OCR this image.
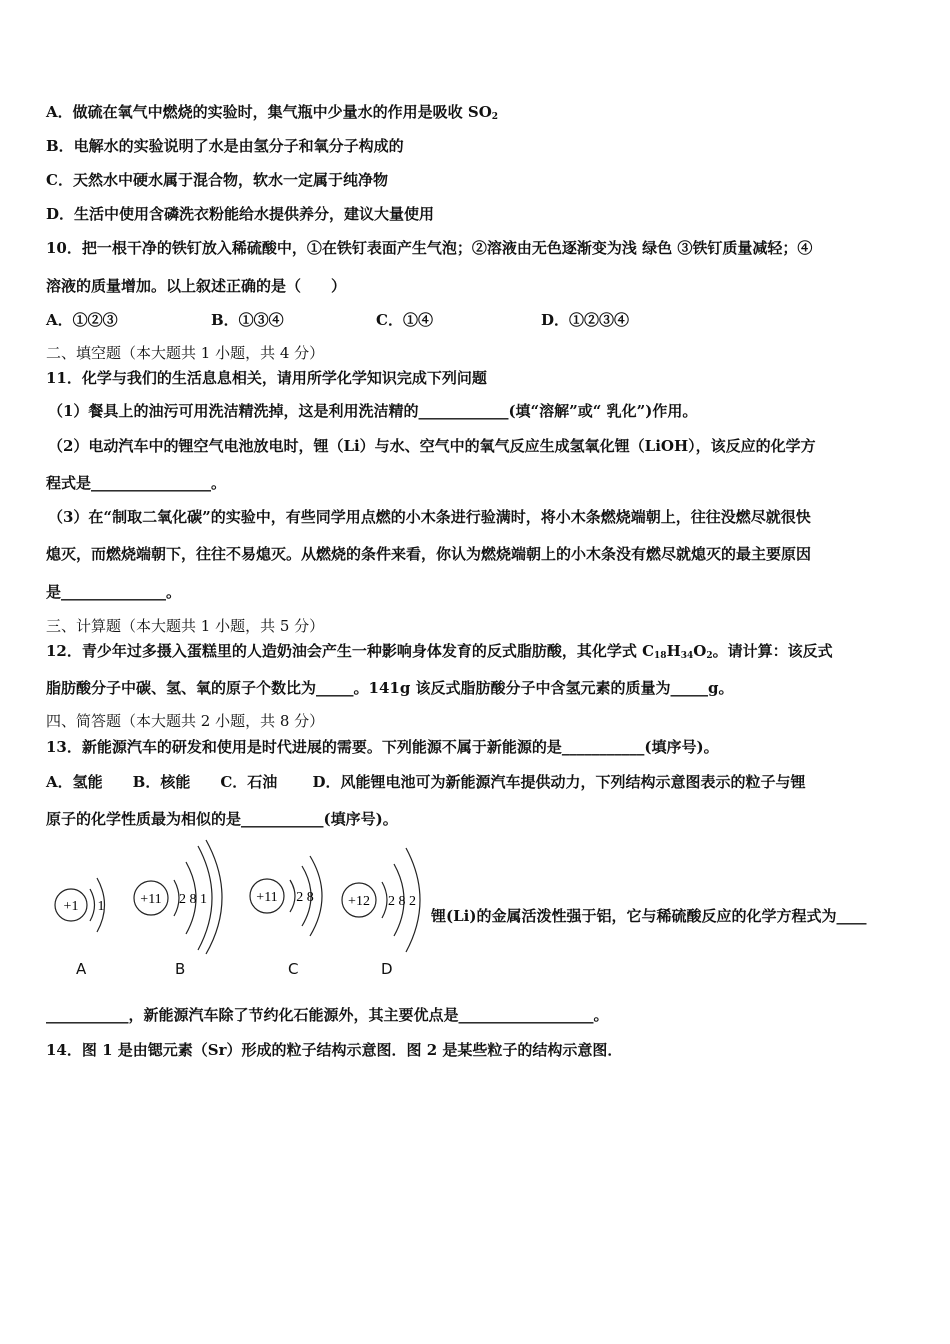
A．做硫在氧气中燃烧的实验时，集气瓶中少量水的作用是吸收 $SO_2$
B．电解水的实验说明了水是由氢分子和氧分子构成的
C．天然水中硬水属于混合物，软水一定属于纯净物
D．生活中使用含磷洗衣粉能给水提供养分，建议大量使用
10．把一根干净的铁钉放入稀硫酸中，①在铁钉表面产生气泡；②溶液由无色逐渐变为浅 绿色 ③铁钉质量减轻；④
溶液的质量增加。以上叙述正确的是（　　）
A．①②③	B．①③④	C．①④	D．①②③④
二、填空题（本大题共 1 小题，共 4 分）
11．化学与我们的生活息息相关，请用所学化学知识完成下列问题
（1）餐具上的油污可用洗洁精洗掉，这是利用洗洁精的____________(填“溶解”或“ 乳化”)作用。
（2）电动汽车中的锂空气电池放电时，锂（Li）与水、空气中的氧气反应生成氢氧化锂（LiOH），该反应的化学方
程式是________________。
（3）在“制取二氧化碳”的实验中，有些同学用点燃的小木条进行验满时，将小木条燃烧端朝上，往往没燃尽就很快
熄灭，而燃烧端朝下，往往不易熄灭。从燃烧的条件来看，你认为燃烧端朝上的小木条没有燃尽就熄灭的最主要原因
是______________。
三、计算题（本大题共 1 小题，共 5 分）
12．青少年过多摄入蛋糕里的人造奶油会产生一种影响身体发育的反式脂肪酸，其化学式 $C_{18}H_{34}O_2$。请计算：该反式
脂肪酸分子中碳、氢、氧的原子个数比为_____。141g 该反式脂肪酸分子中含氢元素的质量为_____g。
四、简答题（本大题共 2 小题，共 8 分）
13．新能源汽车的研发和使用是时代进展的需要。下列能源不属于新能源的是___________(填序号)。
A．氢能　　B．核能　　C．石油　　 D．风能锂电池可为新能源汽车提供动力，下列结构示意图表示的粒子与锂
原子的化学性质最为相似的是___________(填序号)。
+1 1	+11 2 8 1	+11 2 8 +12 2 8 2
A	B	C	D
锂(Li)的金属活泼性强于铝，它与稀硫酸反应的化学方程式为____
___________，新能源汽车除了节约化石能源外，其主要优点是__________________。
14．图 1 是由锶元素（Sr）形成的粒子结构示意图．图 2 是某些粒子的结构示意图．
